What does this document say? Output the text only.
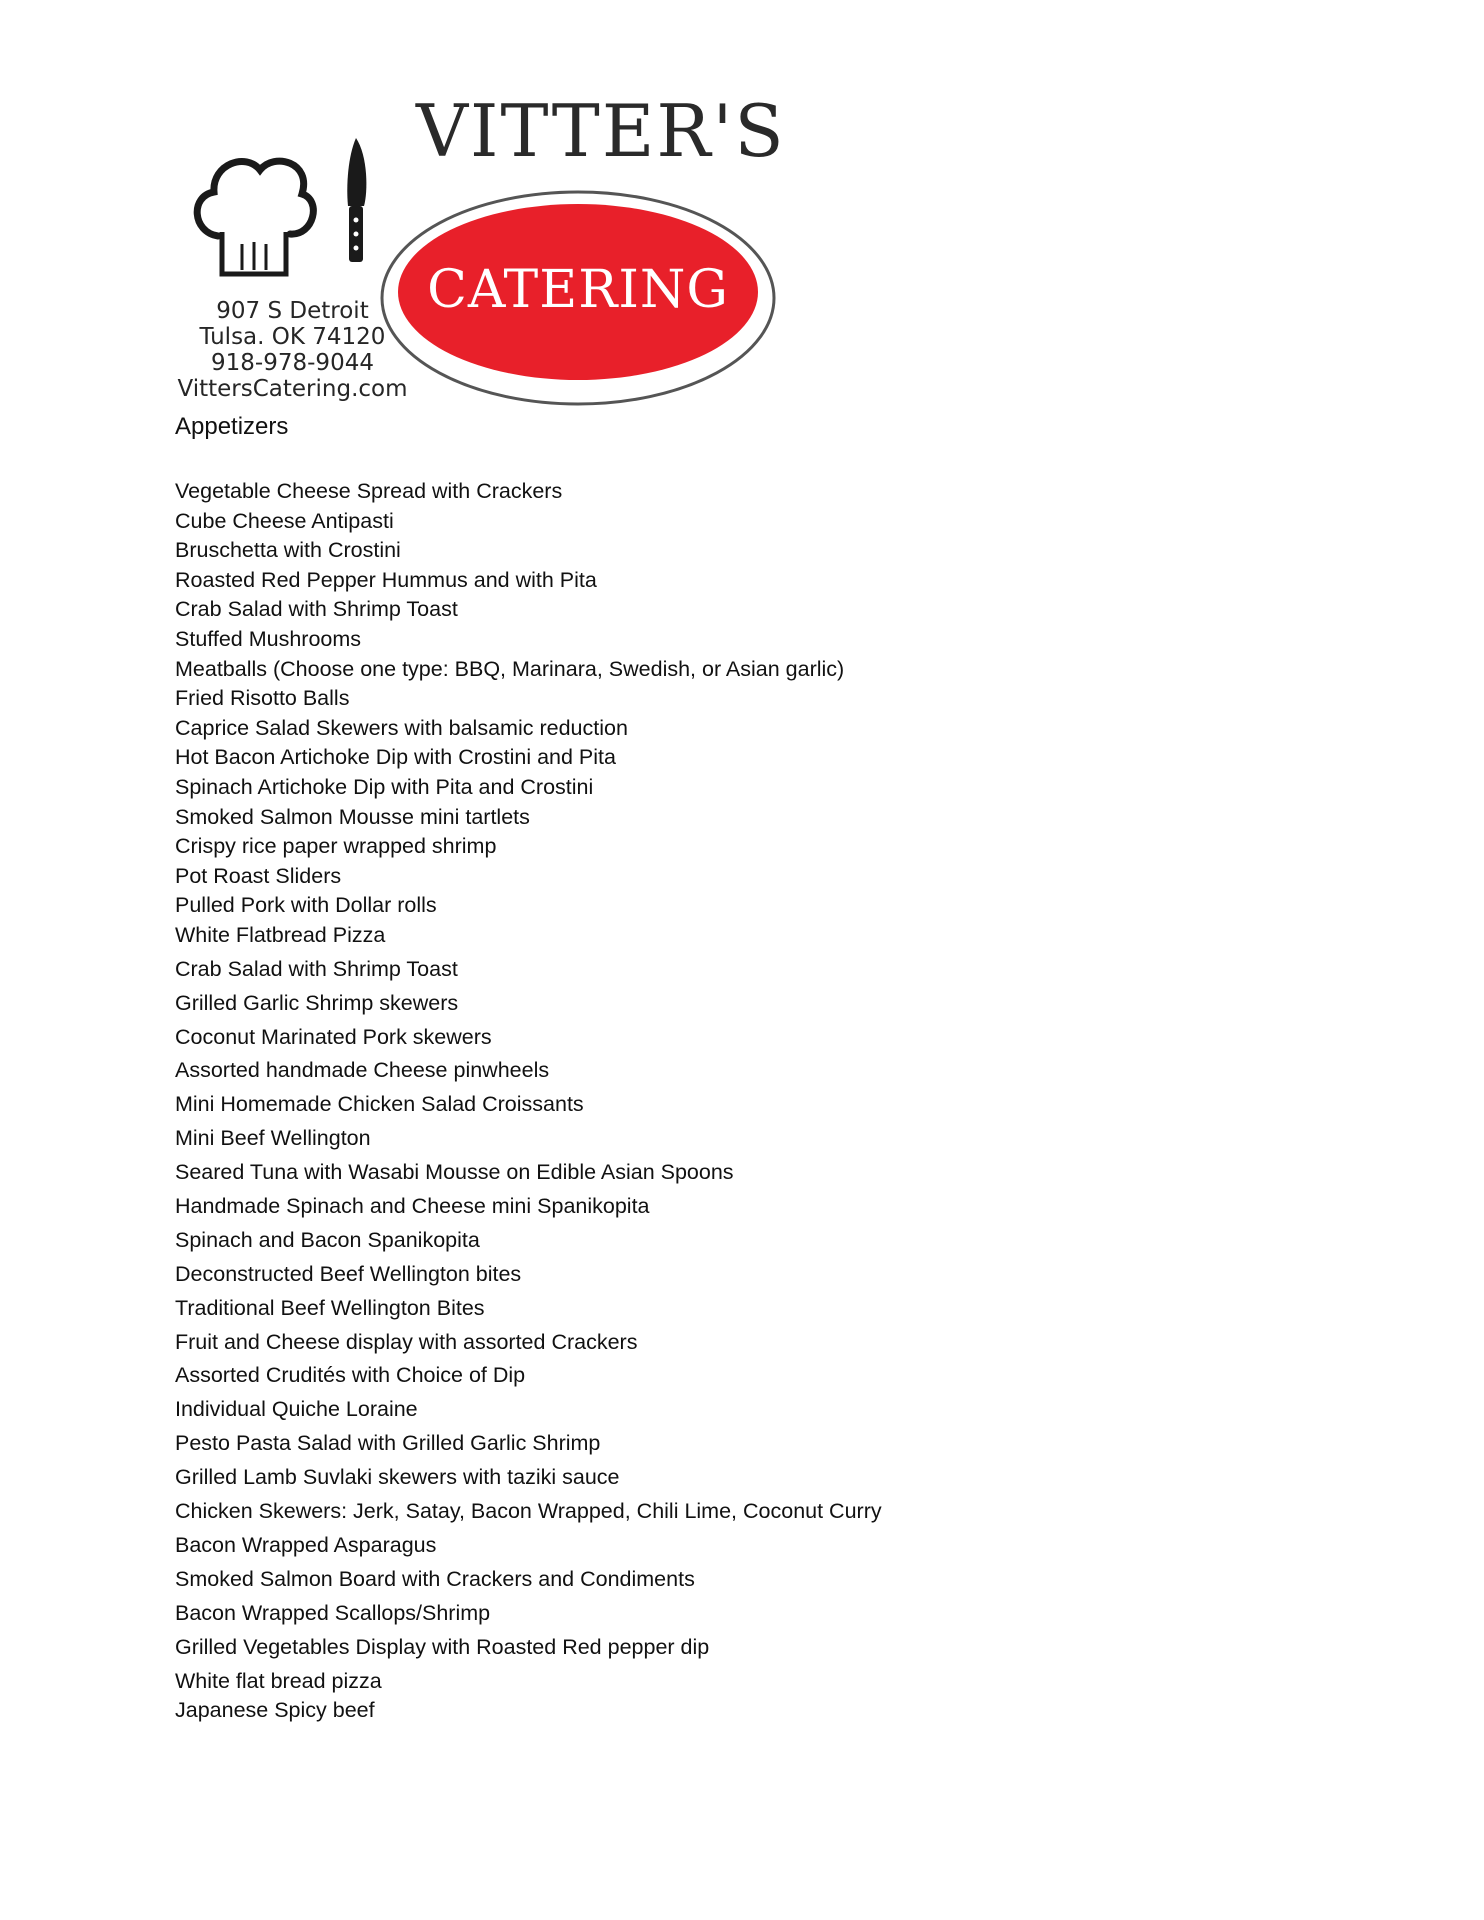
907 S Detroit
Tulsa. OK 74120
918-978-9044
VittersCatering.com
VITTER'S
CATERING
Appetizers
Vegetable Cheese Spread with Crackers
Cube Cheese Antipasti
Bruschetta with Crostini
Roasted Red Pepper Hummus and with Pita
Crab Salad with Shrimp Toast
Stuffed Mushrooms
Meatballs (Choose one type: BBQ, Marinara, Swedish, or Asian garlic)
Fried Risotto Balls
Caprice Salad Skewers with balsamic reduction
Hot Bacon Artichoke Dip with Crostini and Pita
Spinach Artichoke Dip with Pita and Crostini
Smoked Salmon Mousse mini tartlets
Crispy rice paper wrapped shrimp
Pot Roast Sliders
Pulled Pork with Dollar rolls
White Flatbread Pizza
Crab Salad with Shrimp Toast
Grilled Garlic Shrimp skewers
Coconut Marinated Pork skewers
Assorted handmade Cheese pinwheels
Mini Homemade Chicken Salad Croissants
Mini Beef Wellington
Seared Tuna with Wasabi Mousse on Edible Asian Spoons
Handmade Spinach and Cheese mini Spanikopita
Spinach and Bacon Spanikopita
Deconstructed Beef Wellington bites
Traditional Beef Wellington Bites
Fruit and Cheese display with assorted Crackers
Assorted Crudités with Choice of Dip
Individual Quiche Loraine
Pesto Pasta Salad with Grilled Garlic Shrimp
Grilled Lamb Suvlaki skewers with taziki sauce
Chicken Skewers: Jerk, Satay, Bacon Wrapped, Chili Lime, Coconut Curry
Bacon Wrapped Asparagus
Smoked Salmon Board with Crackers and Condiments
Bacon Wrapped Scallops/Shrimp
Grilled Vegetables Display with Roasted Red pepper dip
White flat bread pizza
Japanese Spicy beef
